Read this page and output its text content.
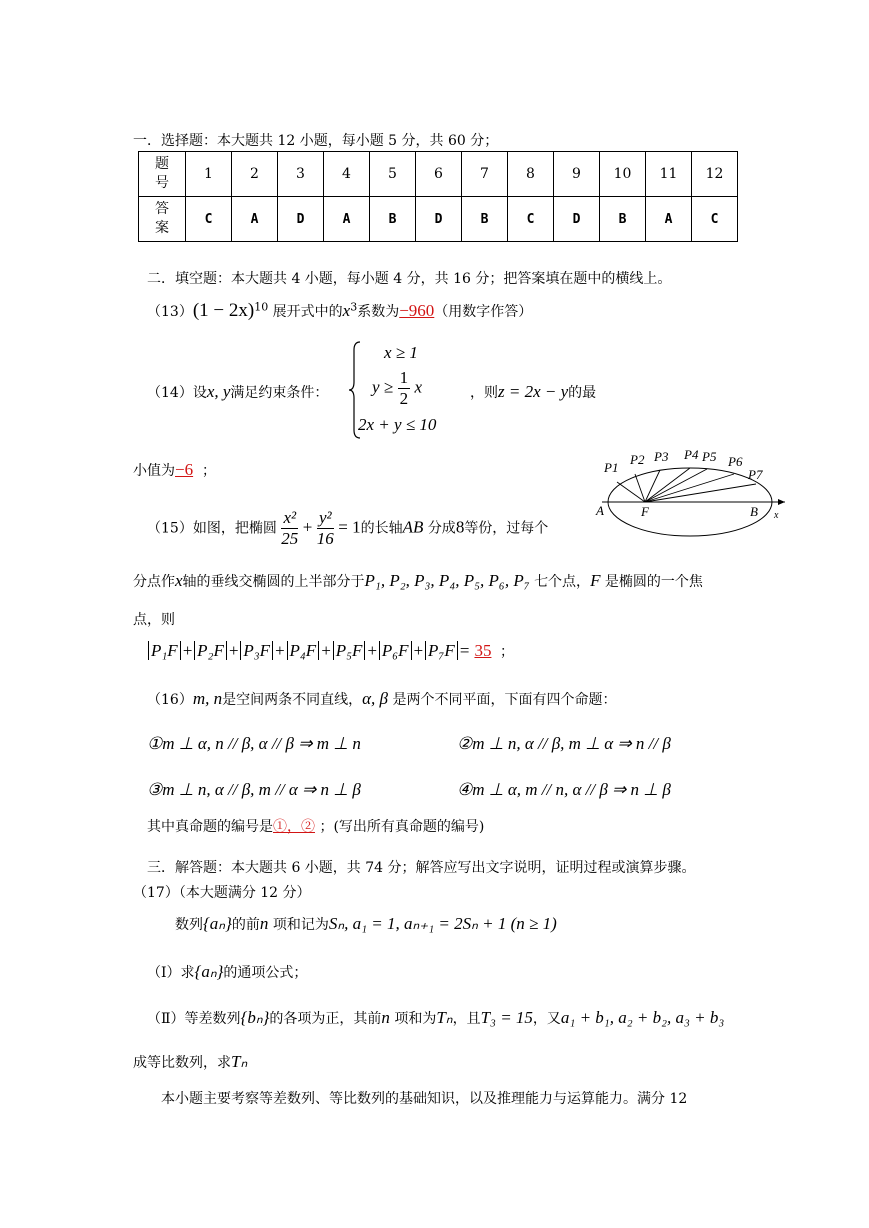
一．选择题：本大题共 12 小题，每小题 5 分，共 60 分；
题
号	1	2	3	4	5	6	7	8	9	10	11	12
答
案	C	A	D	A	B	D	B	C	D	B	A	C
二．填空题：本大题共 4 小题，每小题 4 分，共 16 分；把答案填在题中的横线上。
$(13)(1 - 2x)^{10}$ 展开式中的$x^3$系数为−960（用数字作答）
（14）设x, y满足约束条件：
x ≥ 1
$y \ge \frac{1}{2}$ x
2x + y ≤ 10
，则z = 2x − y的最
小值为−6 ；	P1
P2 P3 P4 P5 P6
P7
A	F	B x
（15）如图，把椭圆 $\frac{\text{x²}}{25} + \frac{\text{y²}}{16} = 1$的长轴AB 分成8等份，过每个
分点作x轴的垂线交椭圆的上半部分于P₁, P₂, P₃, P₄, P₅, P₆, P₇ 七个点，F 是椭圆的一个焦
点，则
P₁F + P₂F + P₃F + P₄F + P₅F + P₆F + P₇F = 35 ；
（16）m, n是空间两条不同直线，α, β 是两个不同平面，下面有四个命题：
①m ⊥ α, n // β, α // β ⇒ m ⊥ n	②m ⊥ n, α // β, m ⊥ α ⇒ n // β
③m ⊥ n, α // β, m // α ⇒ n ⊥ β	④m ⊥ α, m // n, α // β ⇒ n ⊥ β
其中真命题的编号是①，② ；(写出所有真命题的编号)
三．解答题：本大题共 6 小题，共 74 分；解答应写出文字说明，证明过程或演算步骤。
（17）（本大题满分 12 分）
数列{aₙ}的前n 项和记为Sₙ, a₁ = 1, aₙ₊₁ = 2Sₙ + 1 (n ≥ 1)
（Ⅰ）求{aₙ}的通项公式；
（Ⅱ）等差数列{bₙ}的各项为正，其前n 项和为Tₙ，且T₃ = 15，又a₁ + b₁, a₂ + b₂, a₃ + b₃
成等比数列，求Tₙ
本小题主要考察等差数列、等比数列的基础知识，以及推理能力与运算能力。满分 12
